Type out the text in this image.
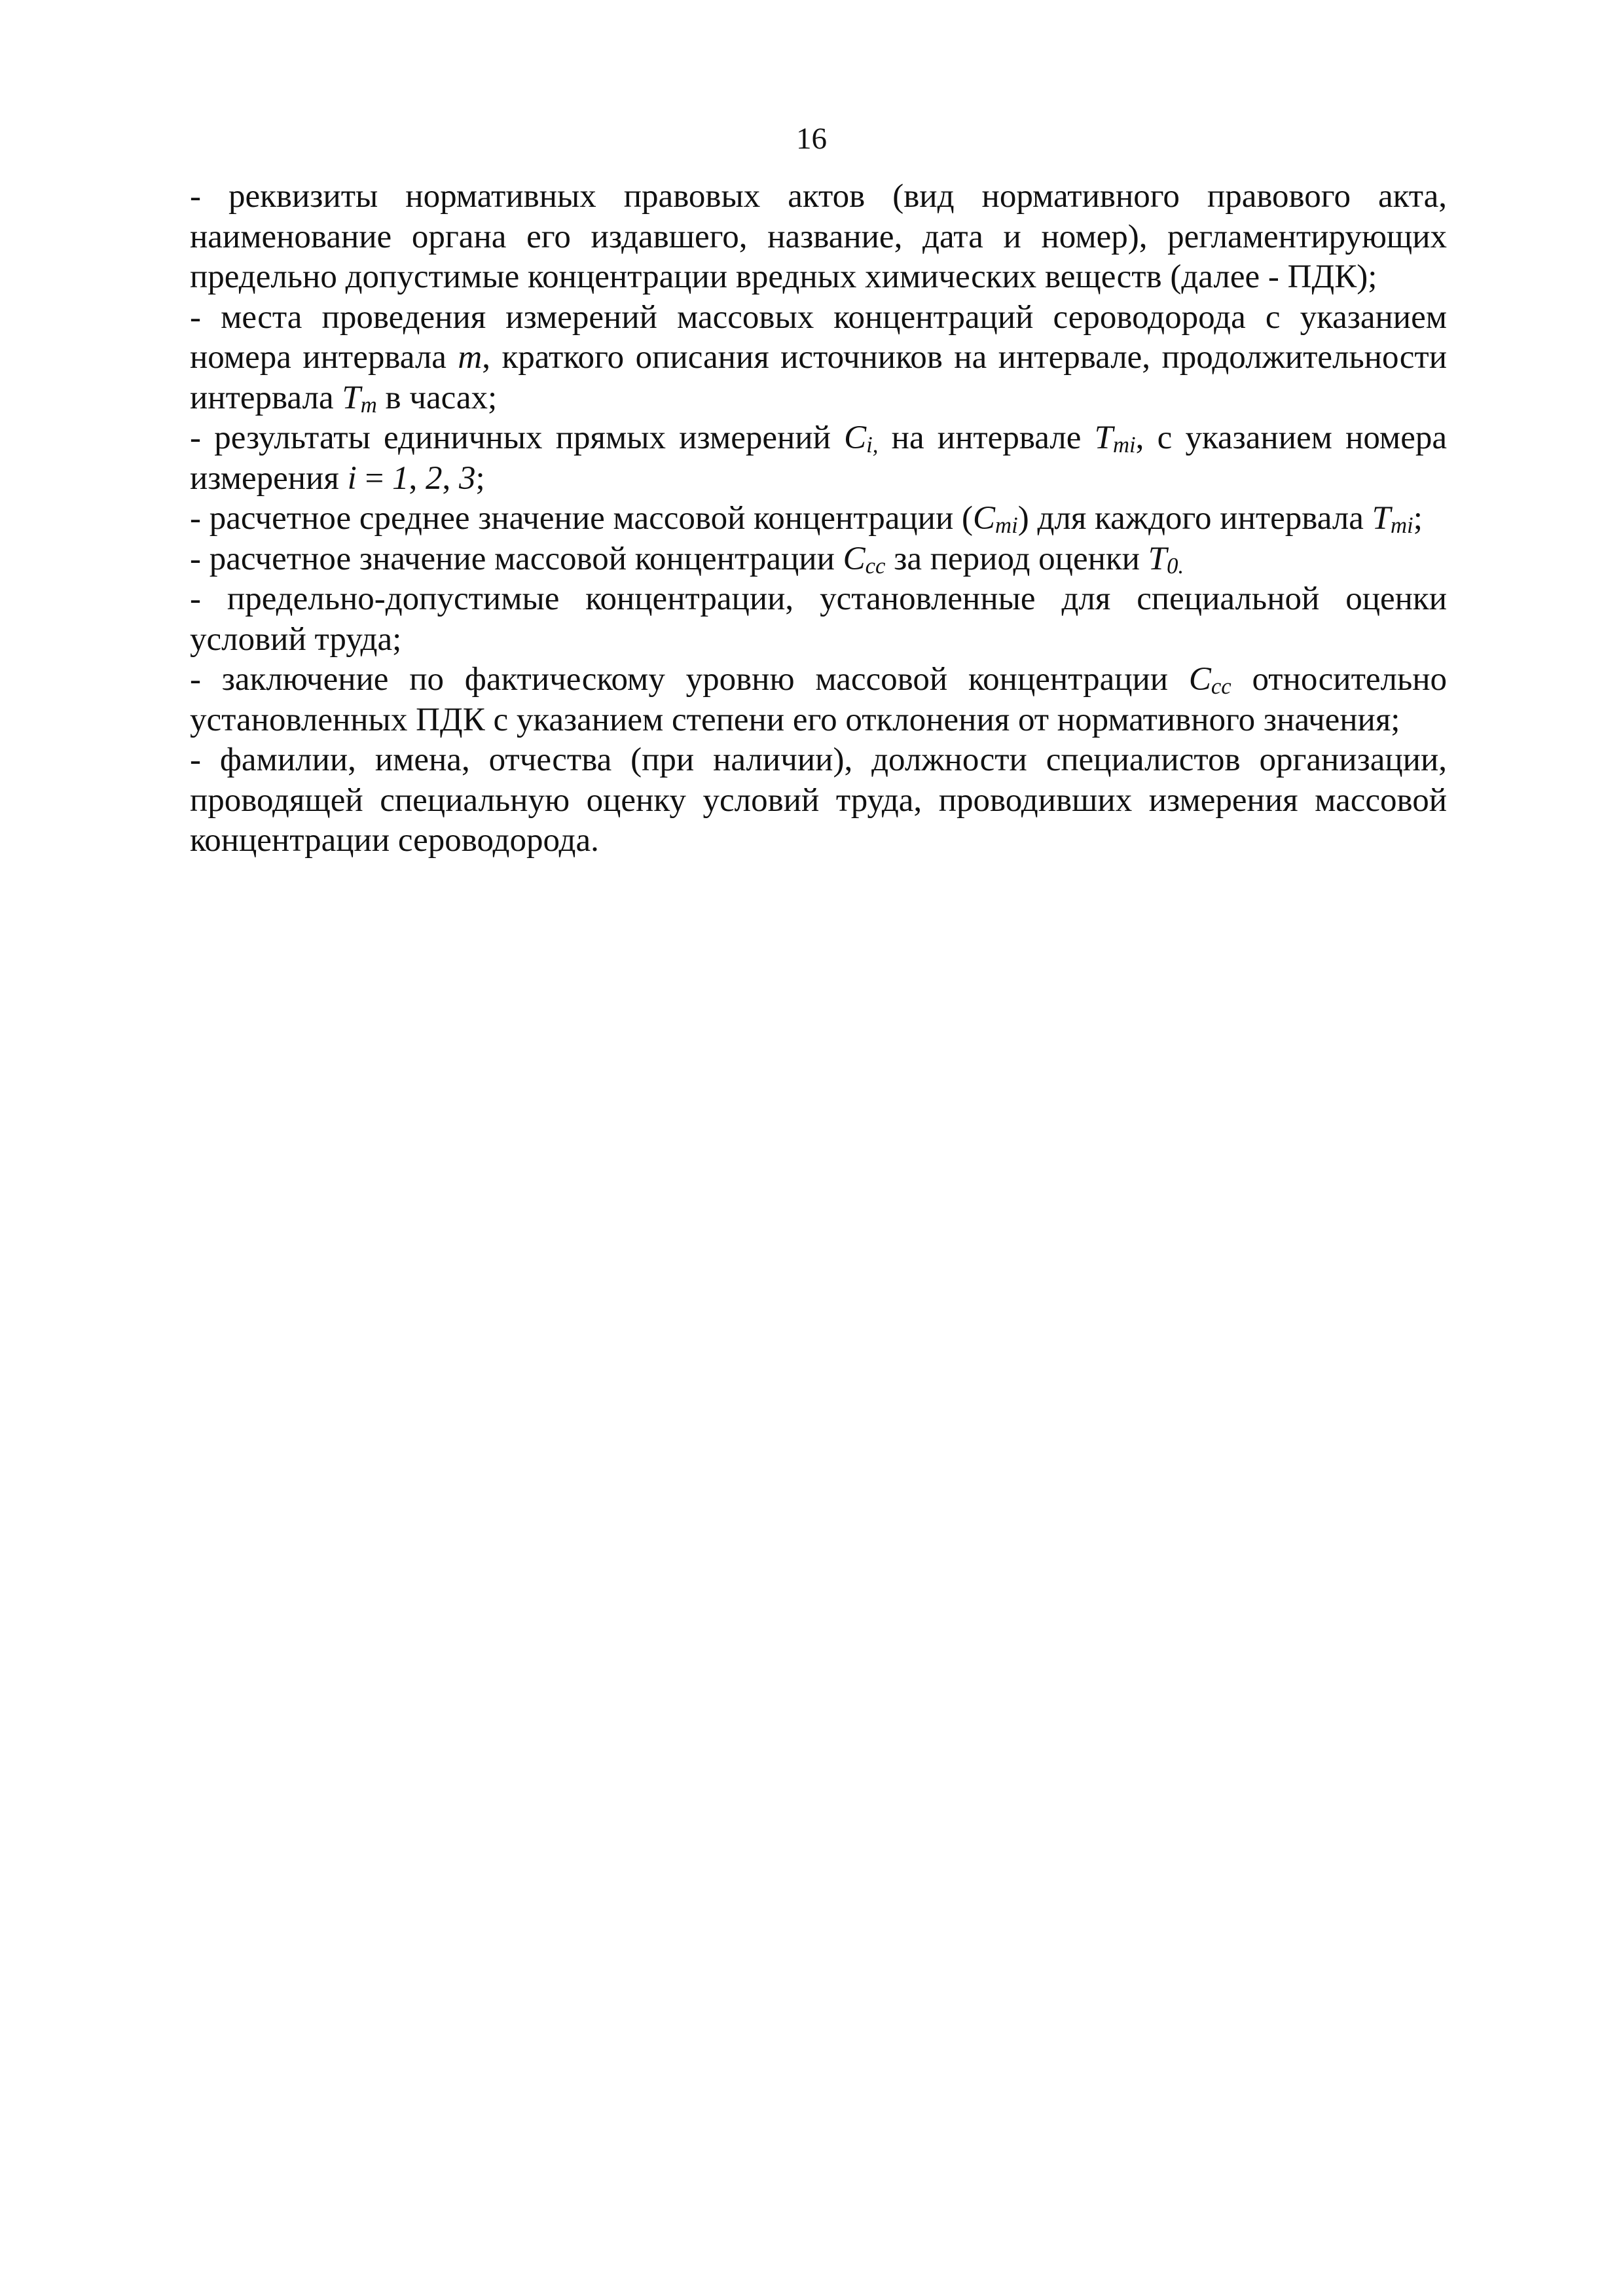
16

- реквизиты нормативных правовых актов (вид нормативного правового акта, наименование органа его издавшего, название, дата и номер), регламентирующих предельно допустимые концентрации вредных химических веществ (далее - ПДК);

- места проведения измерений массовых концентраций сероводорода с указанием номера интервала m, краткого описания источников на интервале, продолжительности интервала Tm в часах;

- результаты единичных прямых измерений Ci, на интервале Tmi, с указанием номера измерения i = 1, 2, 3;

- расчетное среднее значение массовой концентрации (Cmi) для каждого интервала Tmi;

- расчетное значение массовой концентрации Ccc за период оценки T0.

- предельно-допустимые концентрации, установленные для специальной оценки условий труда;

- заключение по фактическому уровню массовой концентрации Ccc относительно установленных ПДК с указанием степени его отклонения от нормативного значения;

- фамилии, имена, отчества (при наличии), должности специалистов организации, проводящей специальную оценку условий труда, проводивших измерения массовой концентрации сероводорода.
